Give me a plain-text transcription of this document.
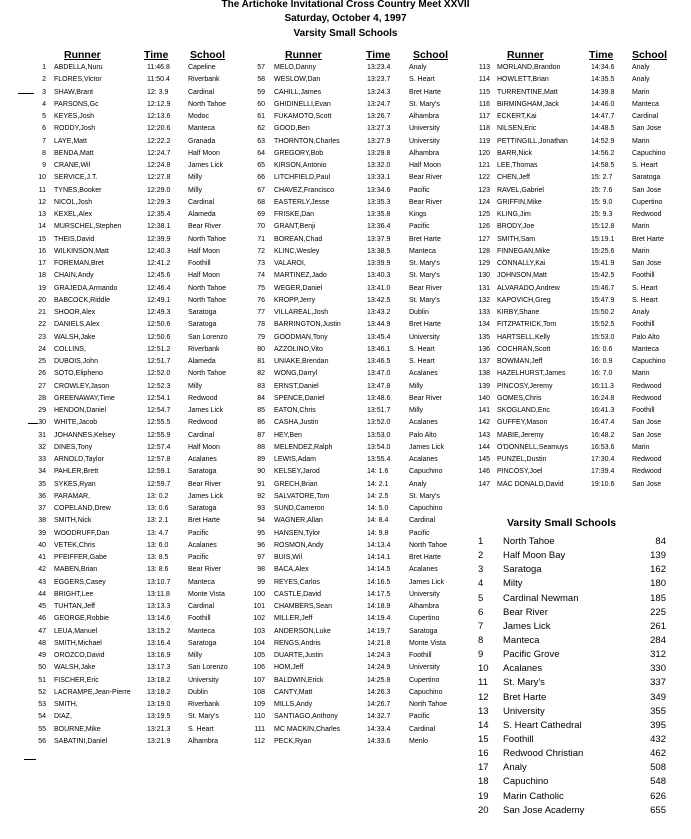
The Artichoke Invitational Cross Country Meet XXVII
Saturday, October 4, 1997
Varsity Small Schools
Runner	Time School	Runner	Time School	Runner	Time School
1 ABDELLA,Nuru	11:46.8	Capeline
2 FLORES,Victor	11:50.4	Riverbank
3 SHAW,Brant	12: 3.9	Cardinal
4 PARSONS,Gc	12:12.9	North Tahoe
5 KEYES,Josh	12:13.6	Modoc
6 RODDY,Josh	12:20.6	Manteca
7 LAYE,Matt	12:22.2	Granada
8 BENDA,Matt	12:24.7	Half Moon
9 CRANE,Wil	12:24.8	James Lick
10 SERVICE,J.T.	12:27.8	Milly
11 TYNES,Booker	12:29.0	Milly
12 NICOL,Josh	12:29.3	Cardinal
13 KEXEL,Alex	12:35.4	Alameda
14 MURSCHEL,Stephen	12:38.1	Bear River
15 THEIS,David	12:39.9	North Tahoe
16 WILKINSON,Matt	12:40.3	Half Moon
17 FOREMAN,Bret	12:41.2	Foothill
18 CHAIN,Andy	12:45.6	Half Moon
19 GRAJEDA,Armando	12:46.4	North Tahoe
20 BABCOCK,Riddle	12:49.1	North Tahoe
21 SHOOR,Alex	12:49.3	Saratoga
22 DANIELS,Alex	12:50.6	Saratoga
23 WALSH,Jake	12:50.6	San Lorenzo
24 COLLINS,	12:51.2	Riverbank
25 DUBOIS,John	12:51.7	Alameda
26 SOTO,Elipheno	12:52.0	North Tahoe
27 CROWLEY,Jason	12:52.3	Milly
28 GREENAWAY,Time	12:54.1	Redwood
29 HENDON,Daniel	12:54.7	James Lick
30 WHITE,Jacob	12:55.5	Redwood
31 JOHANNES,Kelsey	12:55.9	Cardinal
32 DINES,Tony	12:57.4	Half Moon
33 ARNOLD,Taylor	12:57.8	Acalanes
34 PAHLER,Brett	12:59.1	Saratoga
35 SYKES,Ryan	12:59.7	Bear River
36 PARAMAR,	13: 0.2	James Lick
37 COPELAND,Drew	13: 0.6	Saratoga
38 SMITH,Nick	13: 2.1	Bret Harte
39 WOODRUFF,Dan	13: 4.7	Pacific
40 VETEK,Chris	13: 6.0	Acalanes
41 PFEIFFER,Gabe	13: 8.5	Pacific
42 MABEN,Brian	13: 8.6	Bear River
43 EGGERS,Casey	13:10.7	Manteca
44 BRIGHT,Lee	13:11.8	Monte Vista
45 TUHTAN,Jeff	13:13.3	Cardinal
46 GEORGE,Robbie	13:14.6	Foothill
47 LEUA,Manuel	13:15.2	Manteca
48 SMITH,Michael	13:16.4	Saratoga
49 OROZCO,David	13:16.9	Milly
50 WALSH,Jake	13:17.3	San Lorenzo
51 FISCHER,Eric	13:18.2	University
52 LACRAMPE,Jean-Pierre	13:18.2	Dublin
53 SMITH,	13:19.0	Riverbank
54 DIAZ,	13:19.5	St. Mary's
55 BOURNE,Mike	13:21.3	S. Heart
56 SABATINI,Daniel	13:21.9	Alhambra
57 MELO,Danny	13:23.4	Analy
58 WESLOW,Dan	13:23.7	S. Heart
59 CAHILL,James	13:24.3	Bret Harte
60 GHIDINELLI,Evan	13:24.7	St. Mary's
61 FUKAMOTO,Scott	13:26.7	Alhambra
62 GOOD,Ben	13:27.3	University
63 THORNTON,Charles	13:27.9	University
64 GREGORY,Bob	13:29.8	Alhambra
65 KIRSON,Antonio	13:32.0	Half Moon
66 LITCHFIELD,Paul	13:33.1	Bear River
67 CHAVEZ,Francisco	13:34.6	Pacific
68 EASTERLY,Jesse	13:35.3	Bear River
69 FRISKE,Dan	13:35.8	Kings
70 GRANT,Benji	13:36.4	Pacific
71 BOREAN,Chad	13:37.9	Bret Harte
72 KLINC,Wesley	13:38.5	Manteca
73 VALAROI,	13:39.9	St. Mary's
74 MARTINEZ,Jado	13:40.3	St. Mary's
75 WEGER,Daniel	13:41.0	Bear River
76 KROPP,Jerry	13:42.5	St. Mary's
77 VILLAREAL,Josh	13:43.2	Dublin
78 BARRINGTON,Justin	13:44.9	Bret Harte
79 GOODMAN,Tony	13:45.4	University
80 AZZOLINO,Vito	13:46.1	S. Heart
81 UNIAKE,Brendan	13:46.5	S. Heart
82 WONG,Darryl	13:47.0	Acalanes
83 ERNST,Daniel	13:47.8	Milly
84 SPENCE,Daniel	13:48.6	Bear River
85 EATON,Chris	13:51.7	Milly
86 CASHA,Justin	13:52.0	Acalanes
87 HEY,Ben	13:53.0	Palo Alto
88 MELENDEZ,Ralph	13:54.0	James Lick
89 LEWIS,Adam	13:55.4	Acalanes
90 KELSEY,Jarod	14: 1.6	Capuchino
91 GRECH,Brian	14: 2.1	Analy
92 SALVATORE,Tom	14: 2.5	St. Mary's
93 SUND,Cameron	14: 5.0	Capuchino
94 WAGNER,Allan	14: 8.4	Cardinal
95 HANSEN,Tylor	14: 9.8	Pacific
96 ROSMON,Andy	14:13.4	North Tahoe
97 BUIS,Wil	14:14.1	Bret Harte
98 BACA,Alex	14:14.5	Acalanes
99 REYES,Carlos	14:16.5	James Lick
100 CASTLE,David	14:17.5	University
101 CHAMBERS,Sean	14:18.9	Alhambra
102 MILLER,Jeff	14:19.4	Cupertino
103 ANDERSON,Luke	14:19.7	Saratoga
104 RENGS,Andris	14:21.8	Monte Vista
105 DUARTE,Justin	14:24.3	Foothill
106 HOM,Jeff	14:24.9	University
107 BALDWIN,Erick	14:25.8	Cupertino
108 CANTY,Matt	14:26.3	Capuchino
109 MILLS,Andy	14:26.7	North Tahoe
110 SANTIAGO,Anthony	14:32.7	Pacific
111 MC MACKIN,Charles	14:33.4	Cardinal
112 PECK,Ryan	14:33.6	Menlo
113 MORLAND,Brandon	14:34.6	Analy
114 HOWLETT,Brian	14:35.5	Analy
115 TURRENTINE,Matt	14:39.8	Marin
116 BIRMINGHAM,Jack	14:46.0	Manteca
117 ECKERT,Kai	14:47.7	Cardinal
118 NILSEN,Eric	14:48.5	San Jose
119 PETTINGILL,Jonathan	14:52.9	Marin
120 BARR,Nick	14:56.2	Capuchino
121 LEE,Thomas	14:58.5	S. Heart
122 CHEN,Jeff	15: 2.7	Saratoga
123 RAVEL,Gabriel	15: 7.6	San Jose
124 GRIFFIN,Mike	15: 9.0	Cupertino
125 KLING,Jim	15: 9.3	Redwood
126 BRODY,Joe	15:12.8	Marin
127 SMITH,Sam	15:19.1	Bret Harte
128 FINNEGAN,Mike	15:25.6	Marin
129 CONNALLY,Kai	15:41.9	San Jose
130 JOHNSON,Matt	15:42.5	Foothill
131 ALVARADO,Andrew	15:46.7	S. Heart
132 KAPOVICH,Greg	15:47.9	S. Heart
133 KIRBY,Shane	15:50.2	Analy
134 FITZPATRICK,Tom	15:52.5	Foothill
135 HARTSELL,Kelly	15:53.0	Palo Alto
136 COCHRAN,Scott	16: 0.6	Manteca
137 BOWMAN,Jeff	16: 0.9	Capuchino
138 HAZELHURST,James	16: 7.0	Marin
139 PINCOSY,Jeremy	16:11.3	Redwood
140 GOMES,Chris	16:24.8	Redwood
141 SKOGLAND,Eric	16:41.3	Foothill
142 GUFFEY,Mason	16:47.4	San Jose
143 MABIE,Jeremy	16:48.2	San Jose
144 O'DONNELL,Seamuys	16:53.6	Marin
145 PUNZEL,Dustin	17:30.4	Redwood
146 PINCOSY,Joel	17:39.4	Redwood
147 MAC DONALD,David	19:10.6	San Jose
Varsity Small Schools
1 North Tahoe	84
2 Half Moon Bay	139
3 Saratoga	162
4 Milty	180
5 Cardinal Newman	185
6 Bear River	225
7 James Lick	261
8 Manteca	284
9 Pacific Grove	312
10 Acalanes	330
11 St. Mary's	337
12 Bret Harte	349
13 University	355
14 S. Heart Cathedral	395
15 Foothill	432
16 Redwood Christian	462
17 Analy	508
18 Capuchino	548
19 Marin Catholic	626
20 San Jose Academy	655
